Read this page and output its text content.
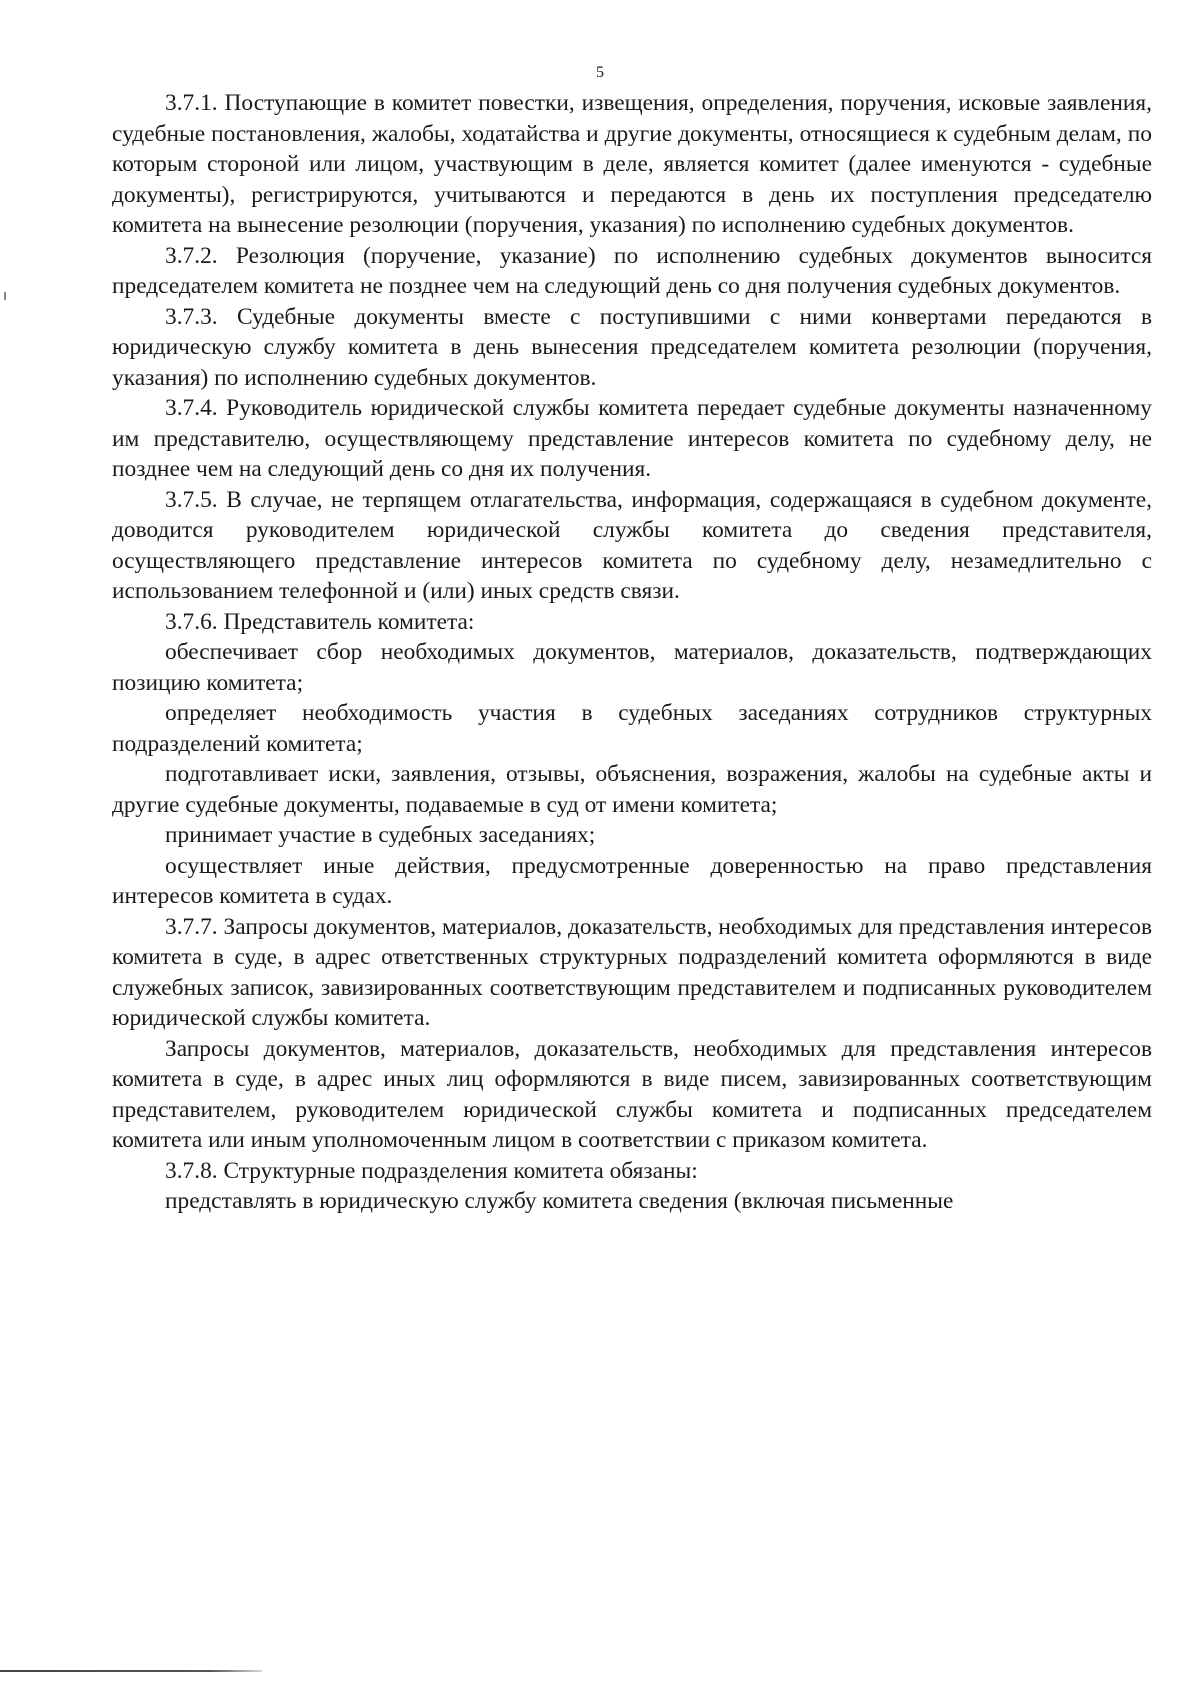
5

3.7.1. Поступающие в комитет повестки, извещения, определения, поручения, исковые заявления, судебные постановления, жалобы, ходатайства и другие документы, относящиеся к судебным делам, по которым стороной или лицом, участвующим в деле, является комитет (далее именуются - судебные документы), регистрируются, учитываются и передаются в день их поступления председателю комитета на вынесение резолюции (поручения, указания) по исполнению судебных документов.

3.7.2. Резолюция (поручение, указание) по исполнению судебных документов выносится председателем комитета не позднее чем на следующий день со дня получения судебных документов.

3.7.3. Судебные документы вместе с поступившими с ними конвертами передаются в юридическую службу комитета в день вынесения председателем комитета резолюции (поручения, указания) по исполнению судебных документов.

3.7.4. Руководитель юридической службы комитета передает судебные документы назначенному им представителю, осуществляющему представление интересов комитета по судебному делу, не позднее чем на следующий день со дня их получения.

3.7.5. В случае, не терпящем отлагательства, информация, содержащаяся в судебном документе, доводится руководителем юридической службы комитета до сведения представителя, осуществляющего представление интересов комитета по судебному делу, незамедлительно с использованием телефонной и (или) иных средств связи.

3.7.6. Представитель комитета:

обеспечивает сбор необходимых документов, материалов, доказательств, подтверждающих позицию комитета;

определяет необходимость участия в судебных заседаниях сотрудников структурных подразделений комитета;

подготавливает иски, заявления, отзывы, объяснения, возражения, жалобы на судебные акты и другие судебные документы, подаваемые в суд от имени комитета;

принимает участие в судебных заседаниях;

осуществляет иные действия, предусмотренные доверенностью на право представления интересов комитета в судах.

3.7.7. Запросы документов, материалов, доказательств, необходимых для представления интересов комитета в суде, в адрес ответственных структурных подразделений комитета оформляются в виде служебных записок, завизированных соответствующим представителем и подписанных руководителем юридической службы комитета.

Запросы документов, материалов, доказательств, необходимых для представления интересов комитета в суде, в адрес иных лиц оформляются в виде писем, завизированных соответствующим представителем, руководителем юридической службы комитета и подписанных председателем комитета или иным уполномоченным лицом в соответствии с приказом комитета.

3.7.8. Структурные подразделения комитета обязаны:

представлять в юридическую службу комитета сведения (включая письменные
